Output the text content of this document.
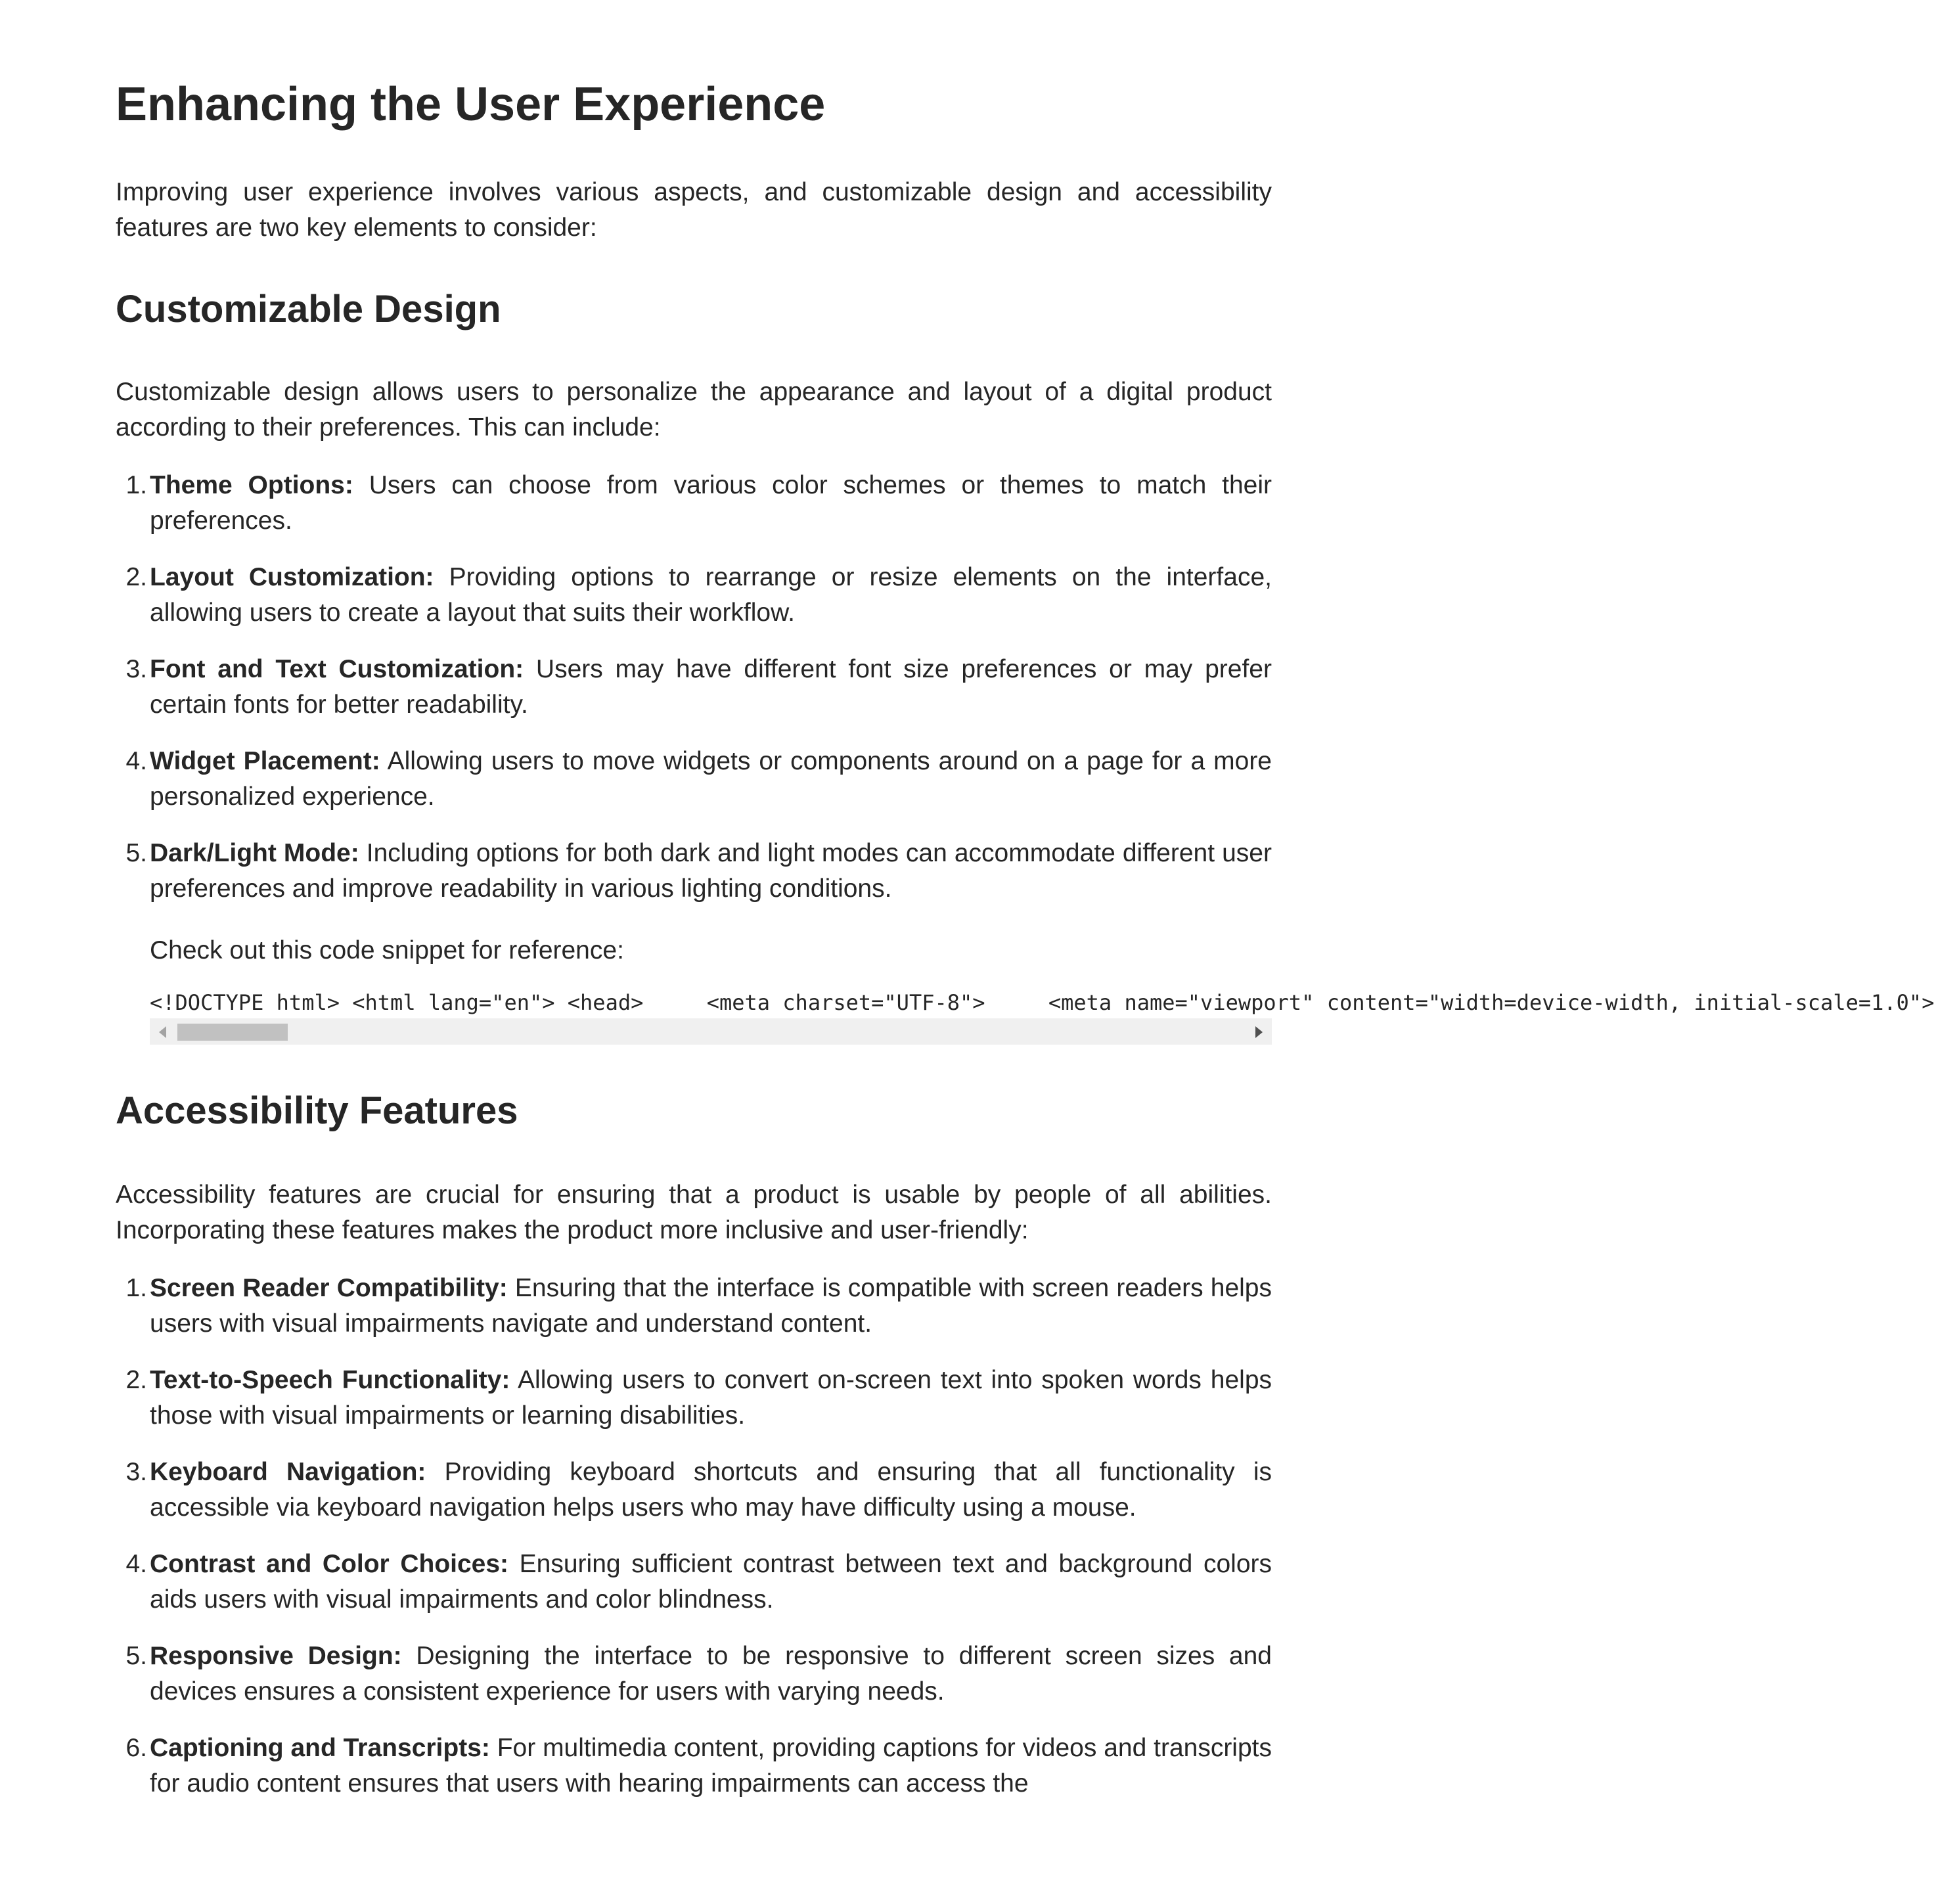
Enhancing the User Experience

Improving user experience involves various aspects, and customizable design and accessibility features are two key elements to consider:

Customizable Design

Customizable design allows users to personalize the appearance and layout of a digital product according to their preferences. This can include:

1. Theme Options: Users can choose from various color schemes or themes to match their preferences.
2. Layout Customization: Providing options to rearrange or resize elements on the interface, allowing users to create a layout that suits their workflow.
3. Font and Text Customization: Users may have different font size preferences or may prefer certain fonts for better readability.
4. Widget Placement: Allowing users to move widgets or components around on a page for a more personalized experience.
5. Dark/Light Mode: Including options for both dark and light modes can accommodate different user preferences and improve readability in various lighting conditions.
Check out this code snippet for reference:
<!DOCTYPE html> <html lang="en"> <head>     <meta charset="UTF-8">     <meta name="viewport" content="width=device-width, initial-scale=1.0">
Accessibility Features

Accessibility features are crucial for ensuring that a product is usable by people of all abilities. Incorporating these features makes the product more inclusive and user-friendly:

1. Screen Reader Compatibility: Ensuring that the interface is compatible with screen readers helps users with visual impairments navigate and understand content.
2. Text-to-Speech Functionality: Allowing users to convert on-screen text into spoken words helps those with visual impairments or learning disabilities.
3. Keyboard Navigation: Providing keyboard shortcuts and ensuring that all functionality is accessible via keyboard navigation helps users who may have difficulty using a mouse.
4. Contrast and Color Choices: Ensuring sufficient contrast between text and background colors aids users with visual impairments and color blindness.
5. Responsive Design: Designing the interface to be responsive to different screen sizes and devices ensures a consistent experience for users with varying needs.
6. Captioning and Transcripts: For multimedia content, providing captions for videos and transcripts for audio content ensures that users with hearing impairments can access the
